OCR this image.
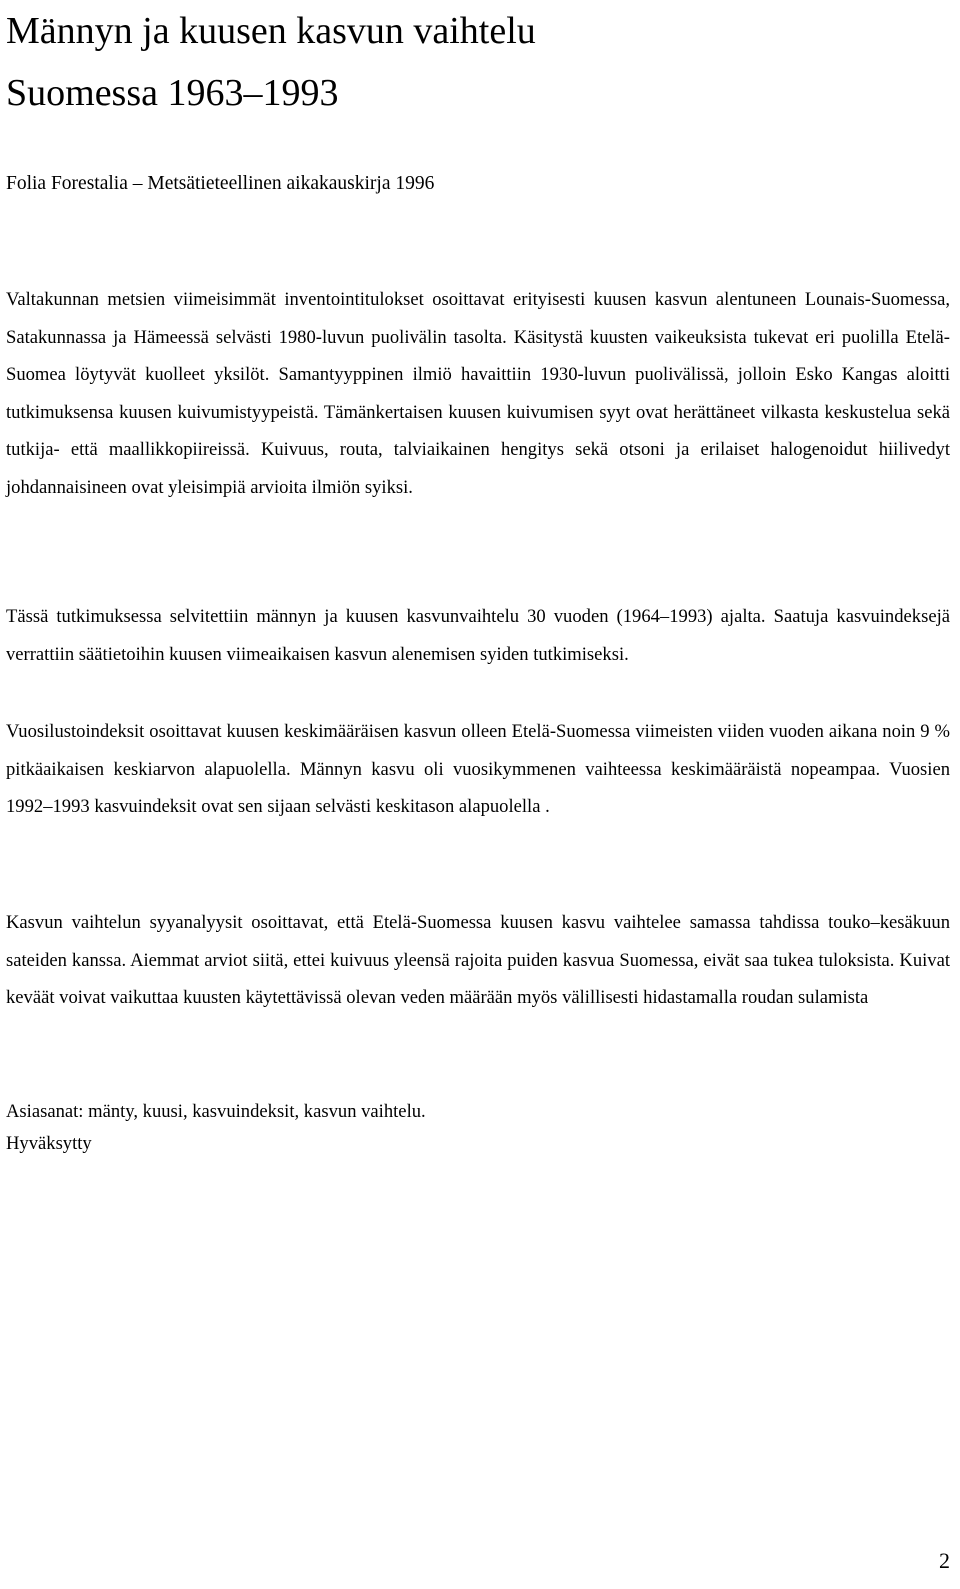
Männyn ja kuusen kasvun vaihtelu
Suomessa 1963–1993
Folia Forestalia – Metsätieteellinen aikakauskirja 1996

Valtakunnan metsien viimeisimmät inventointitulokset osoittavat erityisesti kuusen kasvun alentuneen Lounais-Suomessa, Satakunnassa ja Hämeessä selvästi 1980-luvun puolivälin tasolta. Käsitystä kuusten vaikeuksista tukevat eri puolilla Etelä-Suomea löytyvät kuolleet yksilöt. Samantyyppinen ilmiö havaittiin 1930-luvun puolivälissä, jolloin Esko Kangas aloitti tutkimuksensa kuusen kuivumistyypeistä. Tämänkertaisen kuusen kuivumisen syyt ovat herättäneet vilkasta keskustelua sekä tutkija- että maallikkopiireissä. Kuivuus, routa, talviaikainen hengitys sekä otsoni ja erilaiset halogenoidut hiilivedyt johdannaisineen ovat yleisimpiä arvioita ilmiön syiksi.

Tässä tutkimuksessa selvitettiin männyn ja kuusen kasvunvaihtelu 30 vuoden (1964–1993) ajalta. Saatuja kasvuindeksejä verrattiin säätietoihin kuusen viimeaikaisen kasvun alenemisen syiden tutkimiseksi.

Vuosilustoindeksit osoittavat kuusen keskimääräisen kasvun olleen Etelä-Suomessa viimeisten viiden vuoden aikana noin 9 % pitkäaikaisen keskiarvon alapuolella. Männyn kasvu oli vuosikymmenen vaihteessa keskimääräistä nopeampaa. Vuosien 1992–1993 kasvuindeksit ovat sen sijaan selvästi keskitason alapuolella .

Kasvun vaihtelun syyanalyysit osoittavat, että Etelä-Suomessa kuusen kasvu vaihtelee samassa tahdissa touko–kesäkuun sateiden kanssa. Aiemmat arviot siitä, ettei kuivuus yleensä rajoita puiden kasvua Suomessa, eivät saa tukea tuloksista. Kuivat keväät voivat vaikuttaa kuusten käytettävissä olevan veden määrään myös välillisesti hidastamalla roudan sulamista

Asiasanat: mänty, kuusi, kasvuindeksit, kasvun vaihtelu.
Hyväksytty
2
